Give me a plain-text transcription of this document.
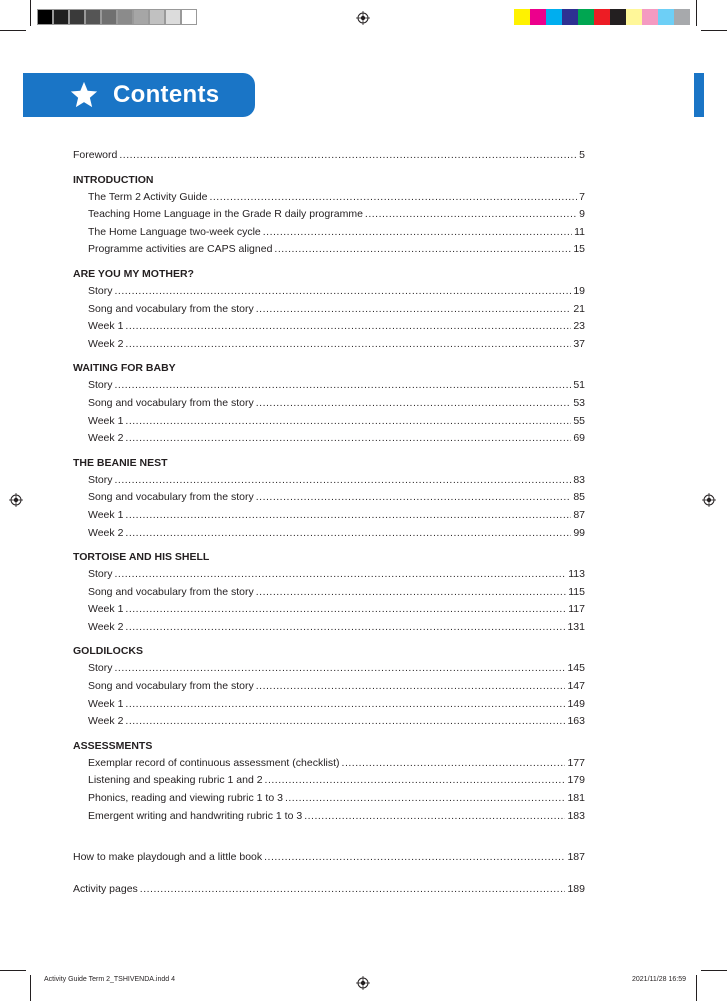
Contents
Foreword .....	5
INTRODUCTION
The Term 2 Activity Guide .....	7
Teaching Home Language in the Grade R daily programme .....	9
The Home Language two-week cycle .....	11
Programme activities are CAPS aligned .....	15
ARE YOU MY MOTHER?
Story .....	19
Song and vocabulary from the story .....	21
Week 1 .....	23
Week 2 .....	37
WAITING FOR BABY
Story .....	51
Song and vocabulary from the story .....	53
Week 1 .....	55
Week 2 .....	69
THE BEANIE NEST
Story .....	83
Song and vocabulary from the story .....	85
Week 1 .....	87
Week 2 .....	99
TORTOISE AND HIS SHELL
Story .....	113
Song and vocabulary from the story .....	115
Week 1 .....	117
Week 2 .....	131
GOLDILOCKS
Story .....	145
Song and vocabulary from the story .....	147
Week 1 .....	149
Week 2 .....	163
ASSESSMENTS
Exemplar record of continuous assessment (checklist) .....	177
Listening and speaking rubric 1 and 2 .....	179
Phonics, reading and viewing rubric 1 to 3 .....	181
Emergent writing and handwriting rubric 1 to 3 .....	183
How to make playdough and a little book .....	187
Activity pages .....	189
Activity Guide Term 2_TSHIVENDA.indd 4	2021/11/28 16:59
